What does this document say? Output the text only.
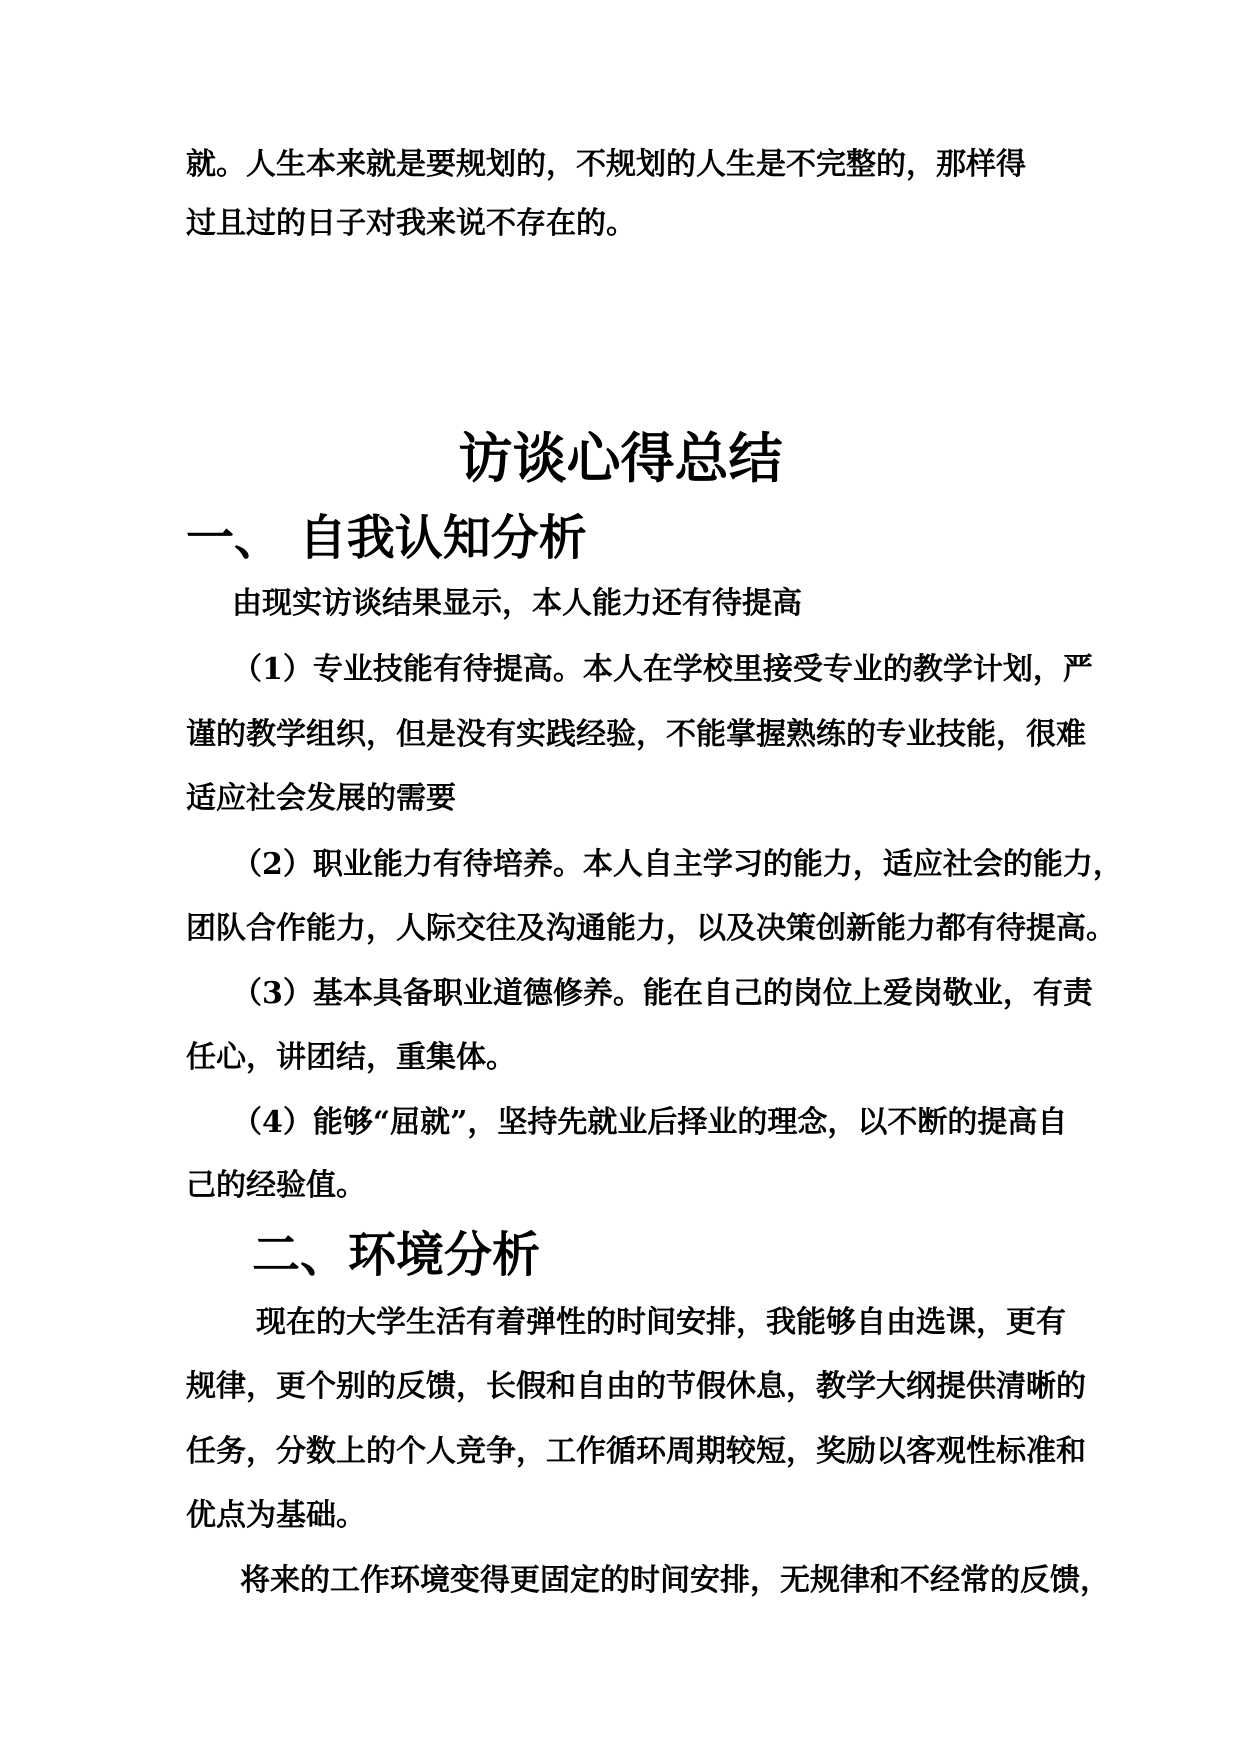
就。人生本来就是要规划的，不规划的人生是不完整的，那样得

过且过的日子对我来说不存在的。

访谈心得总结
一、 自我认知分析

由现实访谈结果显示，本人能力还有待提高

（1）专业技能有待提高。本人在学校里接受专业的教学计划，严

谨的教学组织，但是没有实践经验，不能掌握熟练的专业技能，很难

适应社会发展的需要

（2）职业能力有待培养。本人自主学习的能力，适应社会的能力，

团队合作能力，人际交往及沟通能力，以及决策创新能力都有待提高。

（3）基本具备职业道德修养。能在自己的岗位上爱岗敬业，有责

任心，讲团结，重集体。

（4）能够“屈就”，坚持先就业后择业的理念，以不断的提高自

己的经验值。

二、环境分析

现在的大学生活有着弹性的时间安排，我能够自由选课，更有

规律，更个别的反馈，长假和自由的节假休息，教学大纲提供清晰的

任务，分数上的个人竞争，工作循环周期较短，奖励以客观性标准和

优点为基础。

将来的工作环境变得更固定的时间安排，无规律和不经常的反馈，
